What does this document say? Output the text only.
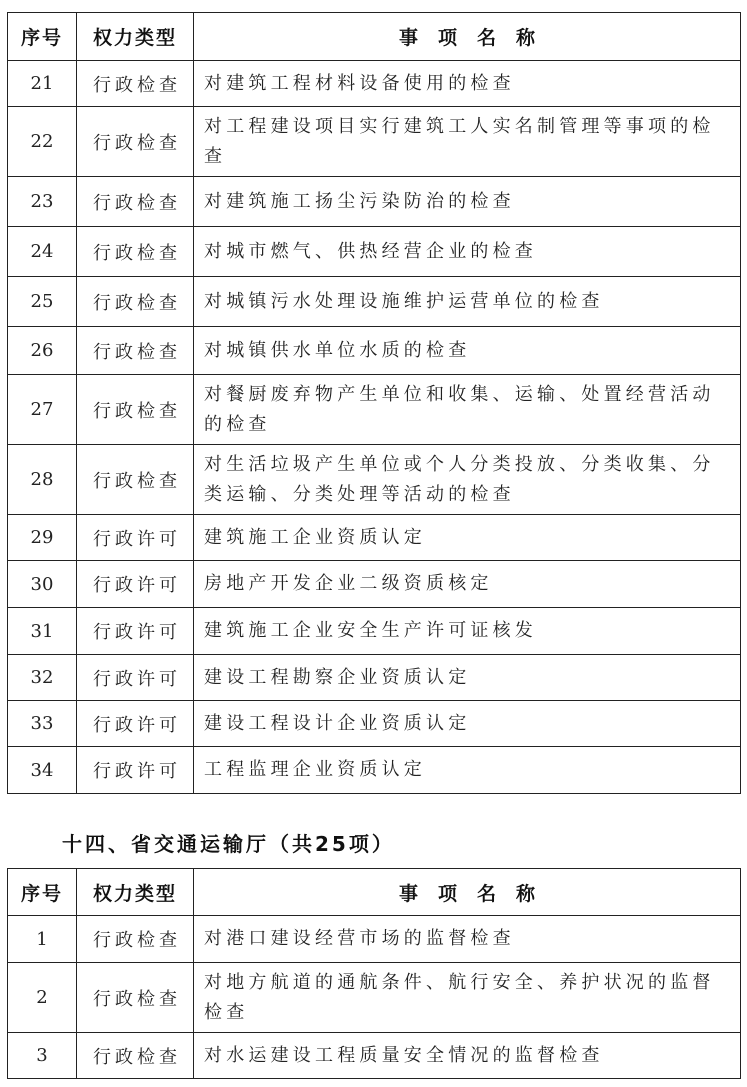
序号	权力类型	事项名称
21	行政检查	对建筑工程材料设备使用的检查
22	行政检查	对工程建设项目实行建筑工人实名制管理等事项的检查
23	行政检查	对建筑施工扬尘污染防治的检查
24	行政检查	对城市燃气、供热经营企业的检查
25	行政检查	对城镇污水处理设施维护运营单位的检查
26	行政检查	对城镇供水单位水质的检查
27	行政检查	对餐厨废弃物产生单位和收集、运输、处置经营活动的检查
28	行政检查	对生活垃圾产生单位或个人分类投放、分类收集、分类运输、分类处理等活动的检查
29	行政许可	建筑施工企业资质认定
30	行政许可	房地产开发企业二级资质核定
31	行政许可	建筑施工企业安全生产许可证核发
32	行政许可	建设工程勘察企业资质认定
33	行政许可	建设工程设计企业资质认定
34	行政许可	工程监理企业资质认定
十四、省交通运输厅（共25项）
序号	权力类型	事项名称
1	行政检查	对港口建设经营市场的监督检查
2	行政检查	对地方航道的通航条件、航行安全、养护状况的监督检查
3	行政检查	对水运建设工程质量安全情况的监督检查
